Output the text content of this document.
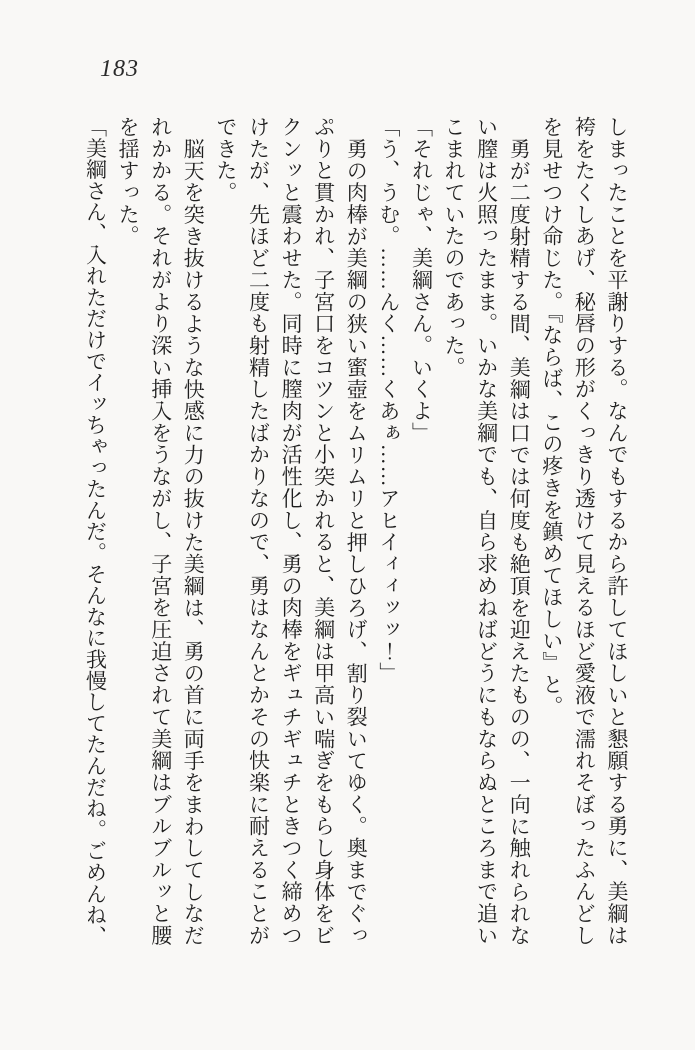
183

しまったことを平謝りする。なんでもするから許してほしいと懇願する勇に、美綱は袴をたくしあげ、秘唇の形がくっきり透けて見えるほど愛液で濡れそぼったふんどしを見せつけ命じた。『ならば、この疼きを鎮めてほしい』と。

勇が二度射精する間、美綱は口では何度も絶頂を迎えたものの、一向に触れられない膣は火照ったまま。いかな美綱でも、自ら求めねばどうにもならぬところまで追いこまれていたのであった。

「それじゃ、美綱さん。いくよ」

「う、うむ。……んく……くあぁ……アヒイィィッッ！」

勇の肉棒が美綱の狭い蜜壺をムリムリと押しひろげ、割り裂いてゆく。奥までぐっぷりと貫かれ、子宮口をコツンと小突かれると、美綱は甲高い喘ぎをもらし身体をビクンッと震わせた。同時に膣肉が活性化し、勇の肉棒をギュチギュチときつく締めつけたが、先ほど二度も射精したばかりなので、勇はなんとかその快楽に耐えることができた。

脳天を突き抜けるような快感に力の抜けた美綱は、勇の首に両手をまわしてしなだれかかる。それがより深い挿入をうながし、子宮を圧迫されて美綱はブルブルッと腰を揺すった。

「美綱さん、入れただけでイッちゃったんだ。そんなに我慢してたんだね。ごめんね、
